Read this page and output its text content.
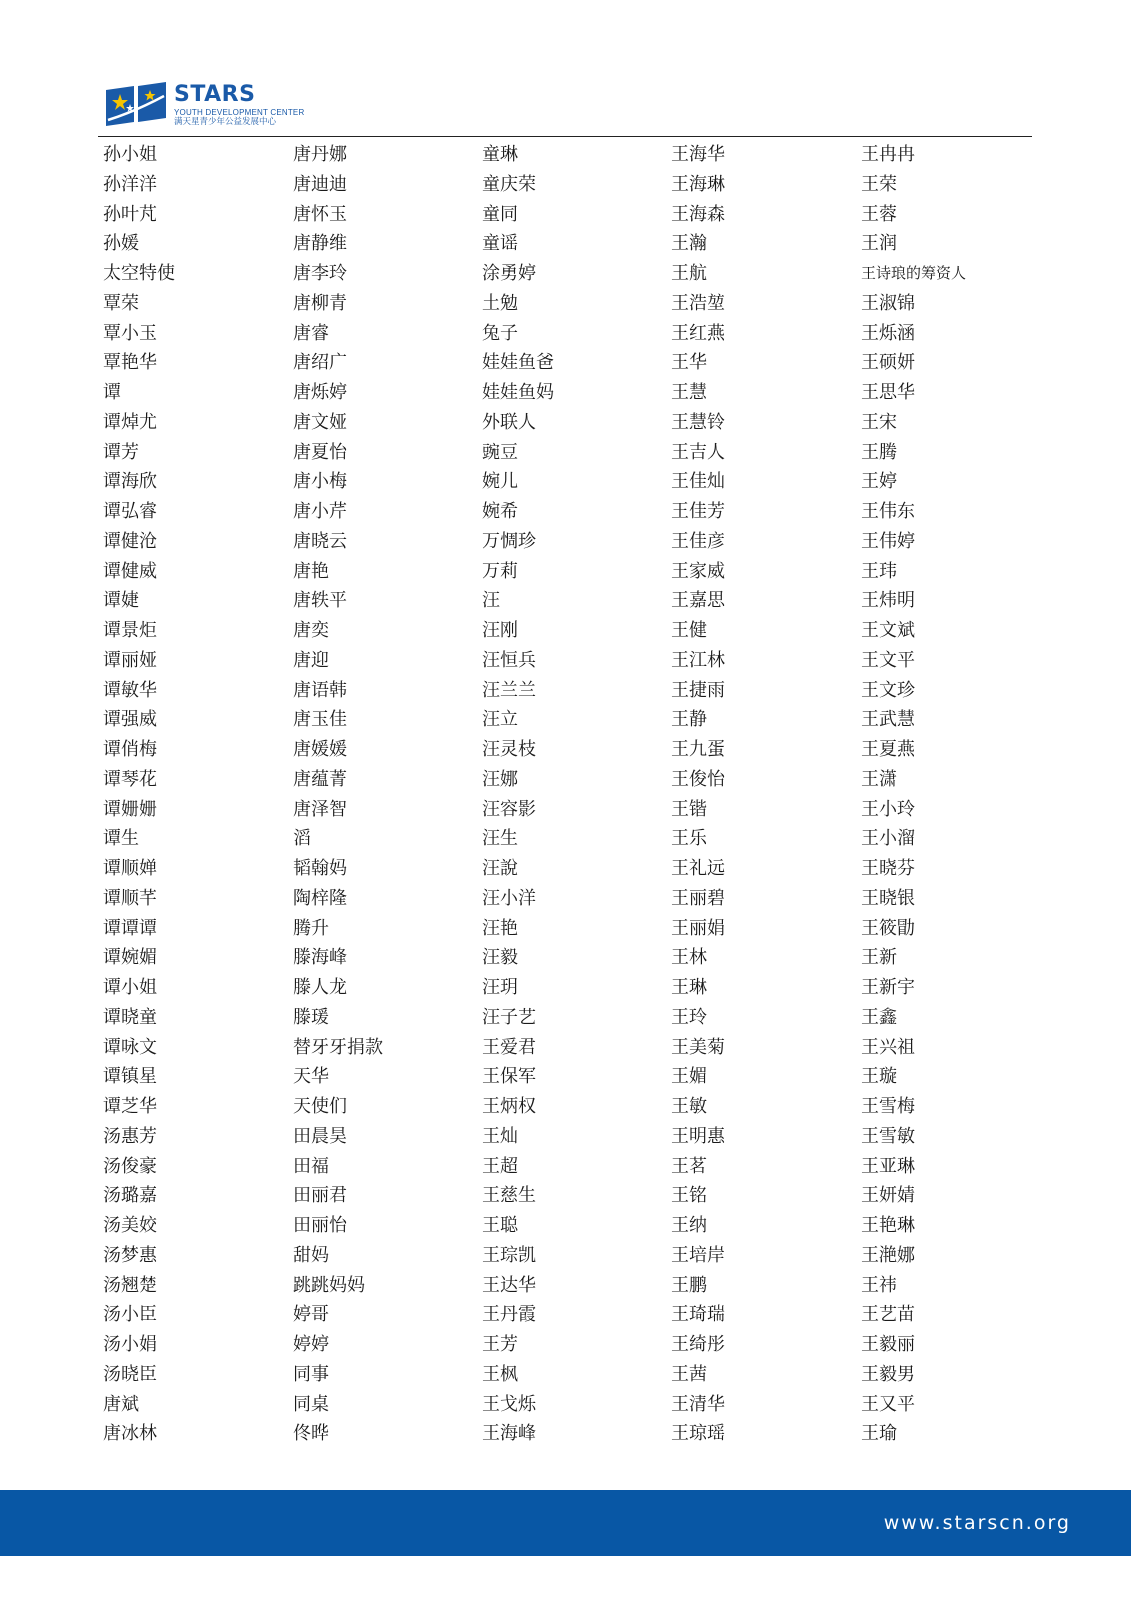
STARS
YOUTH DEVELOPMENT CENTER
满天星青少年公益发展中心
孙小姐
孙洋洋
孙叶芃
孙媛
太空特使
覃荣
覃小玉
覃艳华
谭
谭焯尤
谭芳
谭海欣
谭弘睿
谭健沧
谭健威
谭婕
谭景炬
谭丽娅
谭敏华
谭强威
谭俏梅
谭琴花
谭姗姗
谭生
谭顺婵
谭顺芊
谭谭谭
谭婉媚
谭小姐
谭晓童
谭咏文
谭镇星
谭芝华
汤惠芳
汤俊豪
汤璐嘉
汤美姣
汤梦惠
汤翘楚
汤小臣
汤小娟
汤晓臣
唐斌
唐冰林
唐丹娜
唐迪迪
唐怀玉
唐静维
唐李玲
唐柳青
唐睿
唐绍广
唐烁婷
唐文娅
唐夏怡
唐小梅
唐小芹
唐晓云
唐艳
唐轶平
唐奕
唐迎
唐语韩
唐玉佳
唐媛媛
唐蕴菁
唐泽智
滔
韬翰妈
陶梓隆
腾升
滕海峰
滕人龙
滕瑗
替牙牙捐款
天华
天使们
田晨昊
田福
田丽君
田丽怡
甜妈
跳跳妈妈
婷哥
婷婷
同事
同桌
佟晔
童琳
童庆荣
童同
童谣
涂勇婷
土勉
兔子
娃娃鱼爸
娃娃鱼妈
外联人
豌豆
婉儿
婉希
万惆珍
万莉
汪
汪刚
汪恒兵
汪兰兰
汪立
汪灵枝
汪娜
汪容影
汪生
汪說
汪小洋
汪艳
汪毅
汪玥
汪子艺
王爱君
王保军
王炳权
王灿
王超
王慈生
王聪
王琮凯
王达华
王丹霞
王芳
王枫
王戈烁
王海峰
王海华
王海琳
王海森
王瀚
王航
王浩堃
王红燕
王华
王慧
王慧铃
王吉人
王佳灿
王佳芳
王佳彦
王家威
王嘉思
王健
王江林
王捷雨
王静
王九蛋
王俊怡
王锴
王乐
王礼远
王丽碧
王丽娟
王林
王琳
王玲
王美菊
王媚
王敏
王明惠
王茗
王铭
王纳
王培岸
王鹏
王琦瑞
王绮彤
王茜
王清华
王琼瑶
王冉冉
王荣
王蓉
王润
王诗琅的筹资人
王淑锦
王烁涵
王硕妍
王思华
王宋
王腾
王婷
王伟东
王伟婷
王玮
王炜明
王文斌
王文平
王文珍
王武慧
王夏燕
王潇
王小玲
王小溜
王晓芬
王晓银
王筱勖
王新
王新宇
王鑫
王兴祖
王璇
王雪梅
王雪敏
王亚琳
王妍婧
王艳琳
王滟娜
王祎
王艺苗
王毅丽
王毅男
王又平
王瑜
www.starscn.org
